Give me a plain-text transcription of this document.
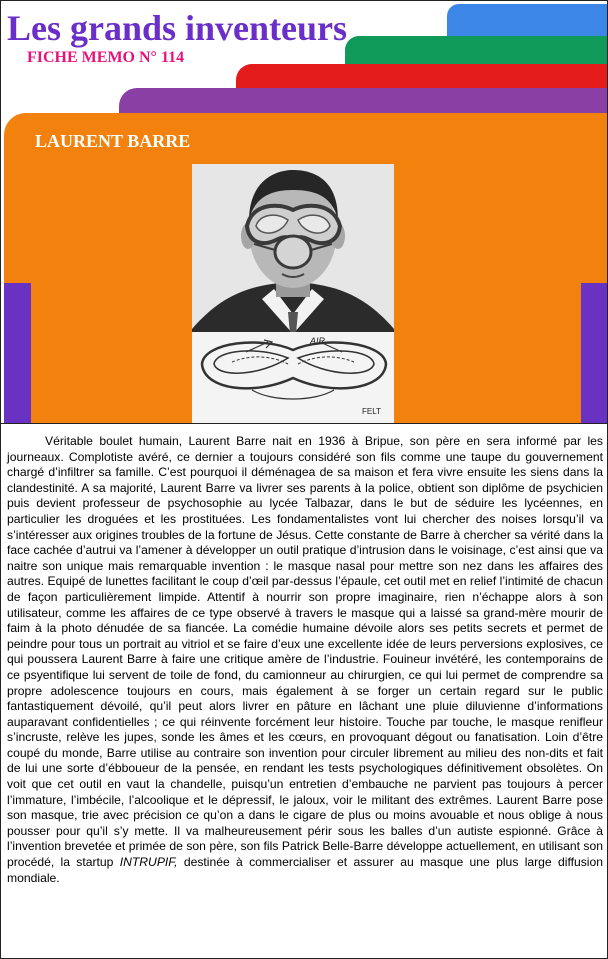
Les grands inventeurs
FICHE MEMO N° 114
LAURENT BARRE
AIR
FELT

Véritable boulet humain, Laurent Barre nait en 1936 à Bripue, son père en sera informé par les journeaux. Complotiste avéré, ce dernier a toujours considéré son fils comme une taupe du gouvernement chargé d’infiltrer sa famille. C’est pourquoi il déménagea de sa maison et fera vivre ensuite les siens dans la clandestinité. A sa majorité, Laurent Barre va livrer ses parents à la police, obtient son diplôme de psychicien puis devient professeur de psychosophie au lycée Talbazar, dans le but de séduire les lycéennes, en particulier les droguées et les prostituées. Les fondamentalistes vont lui chercher des noises lorsqu’il va s’intéresser aux origines troubles de la fortune de Jésus. Cette constante de Barre à chercher sa vérité dans la face cachée d’autrui va l’amener à développer un outil pratique d’intrusion dans le voisinage, c’est ainsi que va naitre son unique mais remarquable invention : le masque nasal pour mettre son nez dans les affaires des autres. Equipé de lunettes facilitant le coup d’œil par-dessus l’épaule, cet outil met en relief l’intimité de chacun de façon particulièrement limpide. Attentif à nourrir son propre imaginaire, rien n’échappe alors à son utilisateur, comme les affaires de ce type observé à travers le masque qui a laissé sa grand-mère mourir de faim à la photo dénudée de sa fiancée. La comédie humaine dévoile alors ses petits secrets et permet de peindre pour tous un portrait au vitriol et se faire d’eux une excellente idée de leurs perversions explosives, ce qui poussera Laurent Barre à faire une critique amère de l’industrie. Fouineur invétéré, les contemporains de ce psyentifique lui servent de toile de fond, du camionneur au chirurgien, ce qui lui permet de comprendre sa propre adolescence toujours en cours, mais également à se forger un certain regard sur le public fantastiquement dévoilé, qu’il peut alors livrer en pâture en lâchant une pluie diluvienne d’informations auparavant confidentielles ; ce qui réinvente forcément leur histoire. Touche par touche, le masque renifleur s’incruste, relève les jupes, sonde les âmes et les cœurs, en provoquant dégout ou fanatisation. Loin d’être coupé du monde, Barre utilise au contraire son invention pour circuler librement au milieu des non-dits et fait de lui une sorte d’ébboueur de la pensée, en rendant les tests psychologiques définitivement obsolètes. On voit que cet outil en vaut la chandelle, puisqu’un entretien d’embauche ne parvient pas toujours à percer l’immature, l’imbécile, l’alcoolique et le dépressif, le jaloux, voir le militant des extrêmes. Laurent Barre pose son masque, trie avec précision ce qu’on a dans le cigare de plus ou moins avouable et nous oblige à nous pousser pour qu’il s’y mette. Il va malheureusement périr sous les balles d’un autiste espionné. Grâce à l’invention brevetée et primée de son père, son fils Patrick Belle-Barre développe actuellement, en utilisant son procédé, la startup INTRUPIF, destinée à commercialiser et assurer au masque une plus large diffusion mondiale.
